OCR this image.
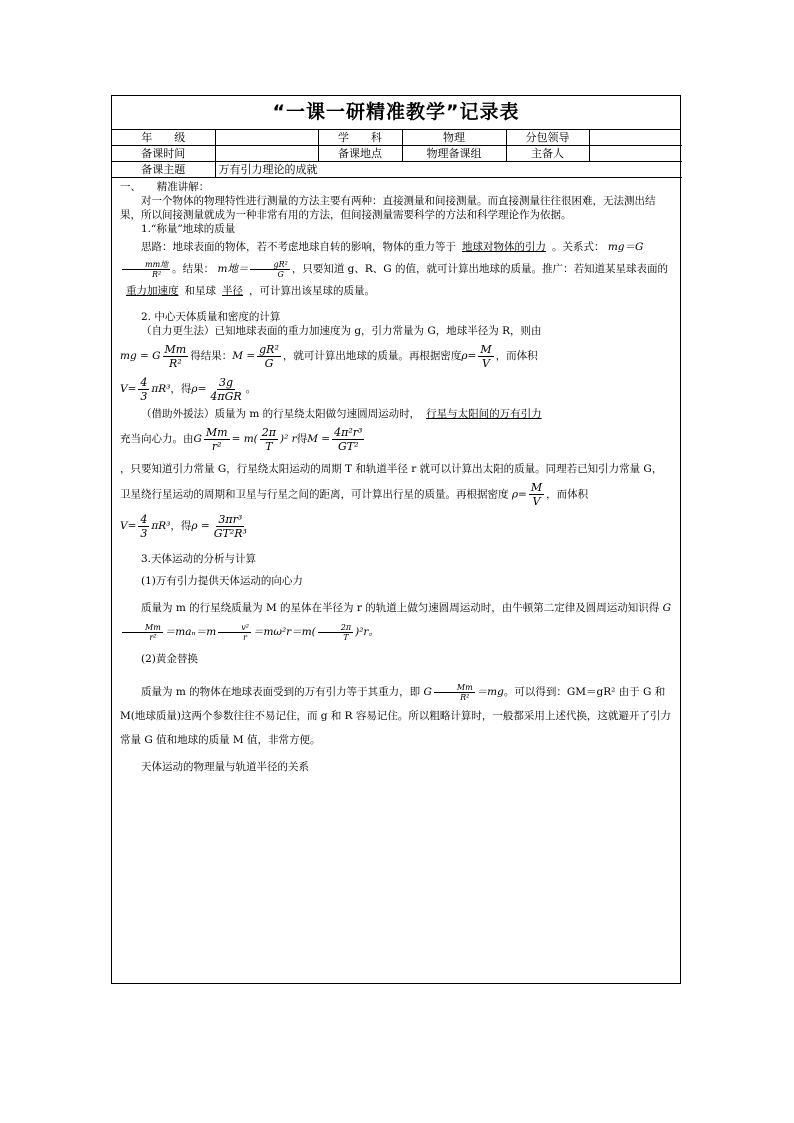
“一课一研精准教学”记录表
年　　级		学　　科	物理	分包领导	
备课时间		备课地点	物理备课组	主备人	
备课主题	万有引力理论的成就				

一、　　精准讲解：

对一个物体的物理特性进行测量的方法主要有两种：直接测量和间接测量。而直接测量往往很困难，无法测出结果，所以间接测量就成为一种非常有用的方法，但间接测量需要科学的方法和科学理论作为依据。

1.“称量”地球的质量

思路：地球表面的物体，若不考虑地球自转的影响，物体的重力等于 地球对物体的引力 。关系式： mg＝G
$\frac{\text{mm地}}{\text{R²}}$ 。结果： m地＝ $\frac{\text{gR²}}{G}$ ，只要知道 g、R、G 的值，就可计算出地球的质量。推广：若知道某星球表面的重力加速度 和星球 半径 ，可计算出该星球的质量。

2. 中心天体质量和密度的计算

（自力更生法）已知地球表面的重力加速度为 g，引力常量为 G，地球半径为 R，则由

mg = G $\frac{Mm}{\text{R²}}$ 得结果： $M = \frac{\text{gR²}}{G}$ ，就可计算出地球的质量。再根据密度 $\rho= \frac{M}{V}$ ，而体积
$V= \frac{4}{3} \pi R^3$ ，得 $\rho= \frac{3g}{\text{4πGR}}$ 。

（借助外援法）质量为 m 的行星绕太阳做匀速圆周运动时， 行星与太阳间的万有引力

充当向心力。由 G $\frac{Mm}{\text{r²}} = m( \frac{2\pi}{T} )^2$ r 得 $M = \frac{\text{4π²r³}}{\text{GT²}}$

，只要知道引力常量 G，行星绕太阳运动的周期 T 和轨道半径 r 就可以计算出太阳的质量。同理若已知引力常量 G，卫星绕行星运动的周期和卫星与行星之间的距离，可计算出行星的质量。再根据密度 $\rho= \frac{M}{V}$ ，而体积

$V= \frac{4}{3} \pi R^3$ ，得 $\rho = \frac{\text{3πr³}}{\text{GT²R³}}$

3.天体运动的分析与计算

(1)万有引力提供天体运动的向心力

质量为 m 的行星绕质量为 M 的星体在半径为 r 的轨道上做匀速圆周运动时，由牛顿第二定律及圆周运动知识得 G
$\frac{Mm}{\text{r²}} =ma_n=m \frac{\text{v²}}{r} =m\omega^2r=m( \frac{2\pi}{T} )^2r$。

(2)黄金替换

质量为 m 的物体在地球表面受到的万有引力等于其重力，即 G $\frac{Mm}{\text{R²}} =mg$。可以得到：GM＝gR² 由于 G 和 M(地球质量)这两个参数往往不易记住，而 g 和 R 容易记住。所以粗略计算时，一般都采用上述代换，这就避开了引力常量 G 值和地球的质量 M 值，非常方便。

天体运动的物理量与轨道半径的关系
